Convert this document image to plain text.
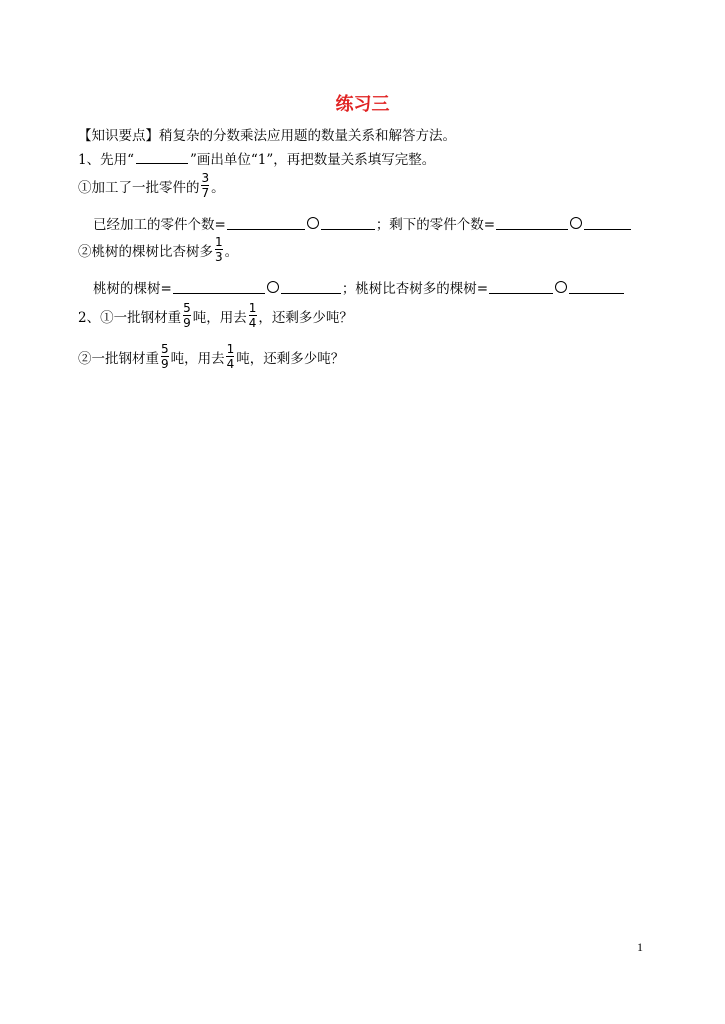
练习三
【知识要点】稍复杂的分数乘法应用题的数量关系和解答方法。
1、先用“	”画出单位“1”，再把数量关系填写完整。
①加工了一批零件的 $\frac{3}{7}$ 。
已经加工的零件个数=	；剩下的零件个数=
②桃树的棵树比杏树多 $\frac{1}{3}$ 。
桃树的棵树=	；桃树比杏树多的棵树=
2、①一批钢材重 $\frac{5}{9}$ 吨，用去 $\frac{1}{4}$ ，还剩多少吨？
②一批钢材重 $\frac{5}{9}$ 吨，用去 $\frac{1}{4}$ 吨，还剩多少吨？
1
